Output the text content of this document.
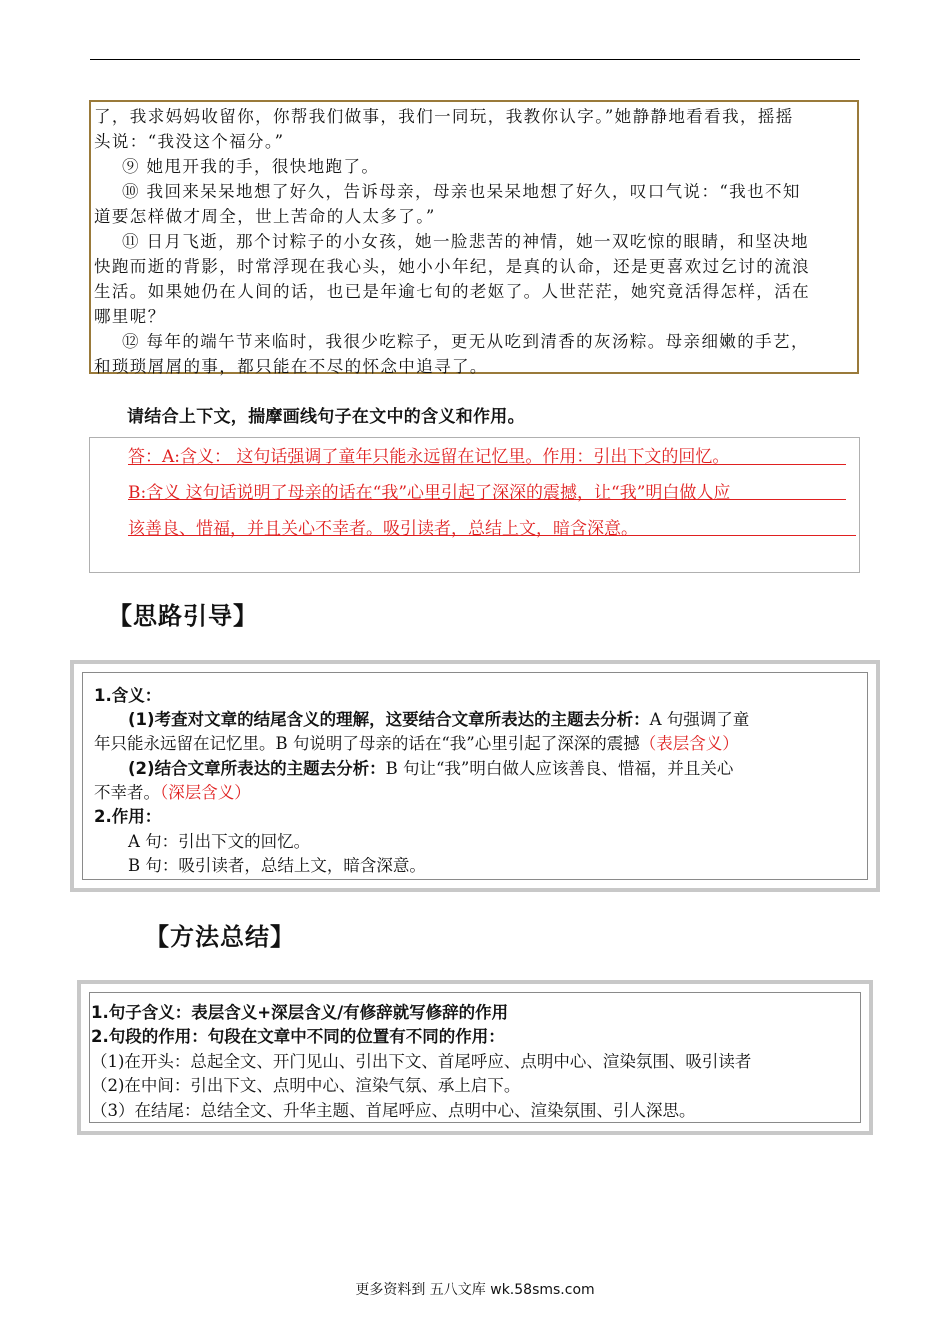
了，我求妈妈收留你，你帮我们做事，我们一同玩，我教你认字。”她静静地看看我，摇摇

头说：“我没这个福分。”

⑨ 她甩开我的手，很快地跑了。

⑩ 我回来呆呆地想了好久，告诉母亲，母亲也呆呆地想了好久，叹口气说：“我也不知

道要怎样做才周全，世上苦命的人太多了。”

⑪ 日月飞逝，那个讨粽子的小女孩，她一脸悲苦的神情，她一双吃惊的眼睛，和坚决地

快跑而逝的背影，时常浮现在我心头，她小小年纪，是真的认命，还是更喜欢过乞讨的流浪

生活。如果她仍在人间的话，也已是年逾七旬的老妪了。人世茫茫，她究竟活得怎样，活在

哪里呢？

⑫ 每年的端午节来临时，我很少吃粽子，更无从吃到清香的灰汤粽。母亲细嫩的手艺，

和琐琐屑屑的事，都只能在不尽的怀念中追寻了。

请结合上下文，揣摩画线句子在文中的含义和作用。
答：A:含义： 这句话强调了童年只能永远留在记忆里。作用：引出下文的回忆。
B:含义 这句话说明了母亲的话在“我”心里引起了深深的震撼，让“我”明白做人应
该善良、惜福，并且关心不幸者。吸引读者，总结上文，暗含深意。
【思路引导】
1.含义：
(1)考查对文章的结尾含义的理解，这要结合文章所表达的主题去分析：A 句强调了童
年只能永远留在记忆里。B 句说明了母亲的话在“我”心里引起了深深的震撼（表层含义）
(2)结合文章所表达的主题去分析：B 句让“我”明白做人应该善良、惜福，并且关心
不幸者。（深层含义）
2.作用：
A 句：引出下文的回忆。
B 句：吸引读者，总结上文，暗含深意。
【方法总结】
1.句子含义：表层含义+深层含义/有修辞就写修辞的作用
2.句段的作用：句段在文章中不同的位置有不同的作用：
（1)在开头：总起全文、开门见山、引出下文、首尾呼应、点明中心、渲染氛围、吸引读者
（2)在中间：引出下文、点明中心、渲染气氛、承上启下。
（3）在结尾：总结全文、升华主题、首尾呼应、点明中心、渲染氛围、引人深思。
更多资料到 五八文库 wk.58sms.com
